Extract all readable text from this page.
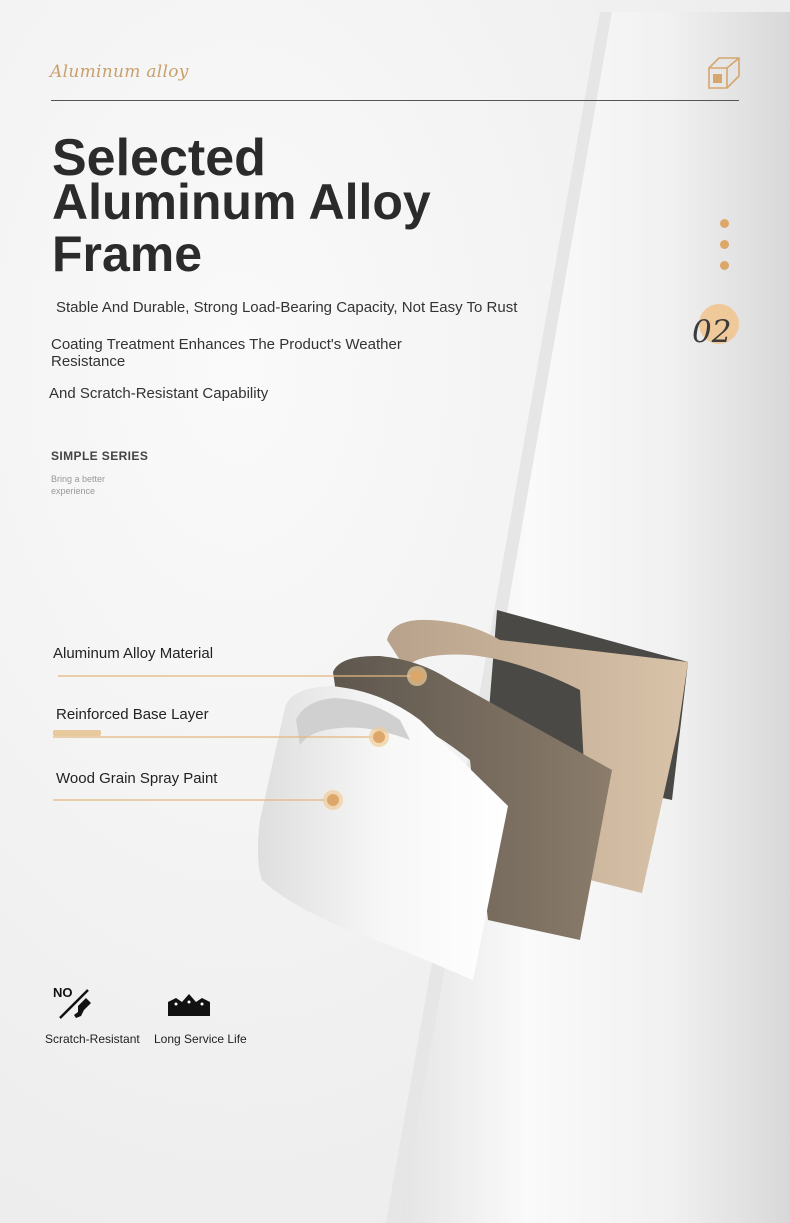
Aluminum alloy
Selected
Aluminum Alloy
Frame
Stable And Durable, Strong Load-Bearing Capacity, Not Easy To Rust
Coating Treatment Enhances The Product's Weather Resistance
And Scratch-Resistant Capability
SIMPLE SERIES
Bring a better experience
02
Aluminum Alloy Material
Reinforced Base Layer
Wood Grain Spray Paint
NO
Scratch-Resistant Long Service Life
